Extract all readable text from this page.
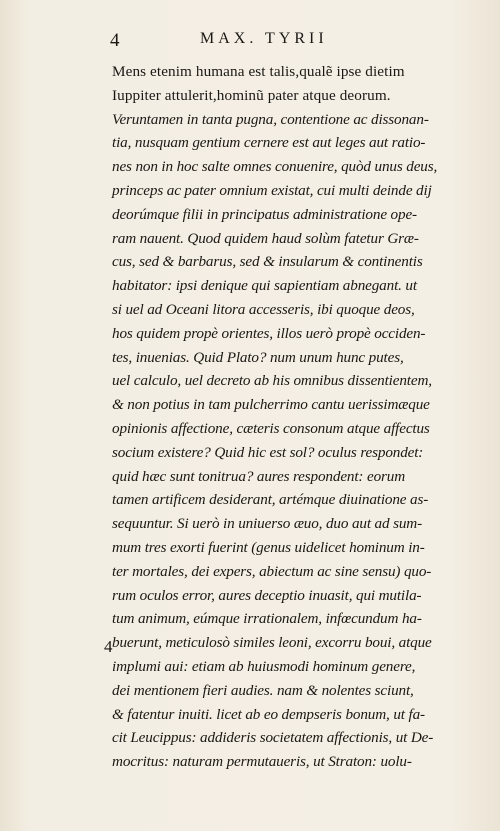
4	MAX. TYRII
Mens etenim humana est talis,qualẽ ipse dietim
Iuppiter attulerit,hominũ pater atque deorum.
Veruntamen in tanta pugna, contentione ac dissonan-
tia, nusquam gentium cernere est aut leges aut ratio-
nes non in hoc salte omnes conuenire, quòd unus deus,
princeps ac pater omnium existat, cui multi deinde dij
deorúmque filii in principatus administratione ope-
ram nauent. Quod quidem haud solùm fatetur Græ-
cus, sed & barbarus, sed & insularum & continentis
habitator: ipsi denique qui sapientiam abnegant. ut
si uel ad Oceani litora accesseris, ibi quoque deos,
hos quidem propè orientes, illos uerò propè occiden-
tes, inuenias. Quid Plato? num unum hunc putes,
uel calculo, uel decreto ab his omnibus dissentientem,
& non potius in tam pulcherrimo cantu uerissimæque
opinionis affectione, cæteris consonum atque affectus
socium existere? Quid hic est sol? oculus respondet:
quid hæc sunt tonitrua? aures respondent: eorum
tamen artificem desiderant, artémque diuinatione as-
sequuntur. Si uerò in uniuerso æuo, duo aut ad sum-
mum tres exorti fuerint (genus uidelicet hominum in-
ter mortales, dei expers, abiectum ac sine sensu) quo-
rum oculos error, aures deceptio inuasit, qui mutila-
tum animum, eúmque irrationalem, infœcundum ha-
buerunt, meticulosò similes leoni, excorru boui, atque
implumi aui: etiam ab huiusmodi hominum genere,
dei mentionem fieri audies. nam & nolentes sciunt,
& fatentur inuiti. licet ab eo dempseris bonum, ut fa-
cit Leucippus: addideris societatem affectionis, ut De-
mocritus: naturam permutaueris, ut Straton: uolu-
4
